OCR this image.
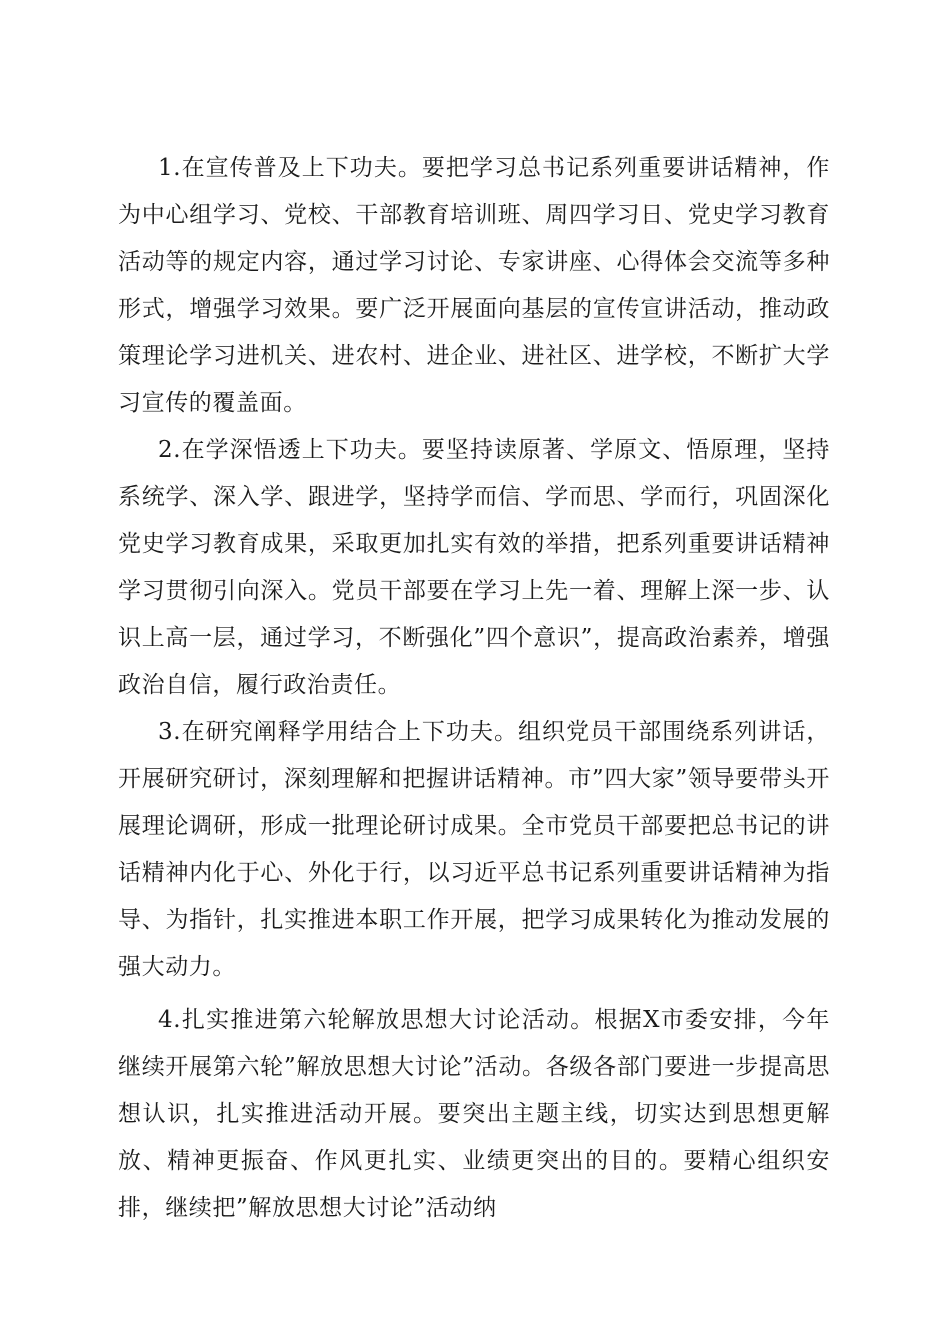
1.在宣传普及上下功夫。要把学习总书记系列重要讲话精神，作为中心组学习、党校、干部教育培训班、周四学习日、党史学习教育活动等的规定内容，通过学习讨论、专家讲座、心得体会交流等多种形式，增强学习效果。要广泛开展面向基层的宣传宣讲活动，推动政策理论学习进机关、进农村、进企业、进社区、进学校，不断扩大学习宣传的覆盖面。

2.在学深悟透上下功夫。要坚持读原著、学原文、悟原理，坚持系统学、深入学、跟进学，坚持学而信、学而思、学而行，巩固深化党史学习教育成果，采取更加扎实有效的举措，把系列重要讲话精神学习贯彻引向深入。党员干部要在学习上先一着、理解上深一步、认识上高一层，通过学习，不断强化”四个意识”，提高政治素养，增强政治自信，履行政治责任。

3.在研究阐释学用结合上下功夫。组织党员干部围绕系列讲话，开展研究研讨，深刻理解和把握讲话精神。市”四大家”领导要带头开展理论调研，形成一批理论研讨成果。全市党员干部要把总书记的讲话精神内化于心、外化于行，以习近平总书记系列重要讲话精神为指导、为指针，扎实推进本职工作开展，把学习成果转化为推动发展的强大动力。

4.扎实推进第六轮解放思想大讨论活动。根据X市委安排，今年继续开展第六轮”解放思想大讨论”活动。各级各部门要进一步提高思想认识，扎实推进活动开展。要突出主题主线，切实达到思想更解放、精神更振奋、作风更扎实、业绩更突出的目的。要精心组织安排，继续把”解放思想大讨论”活动纳
